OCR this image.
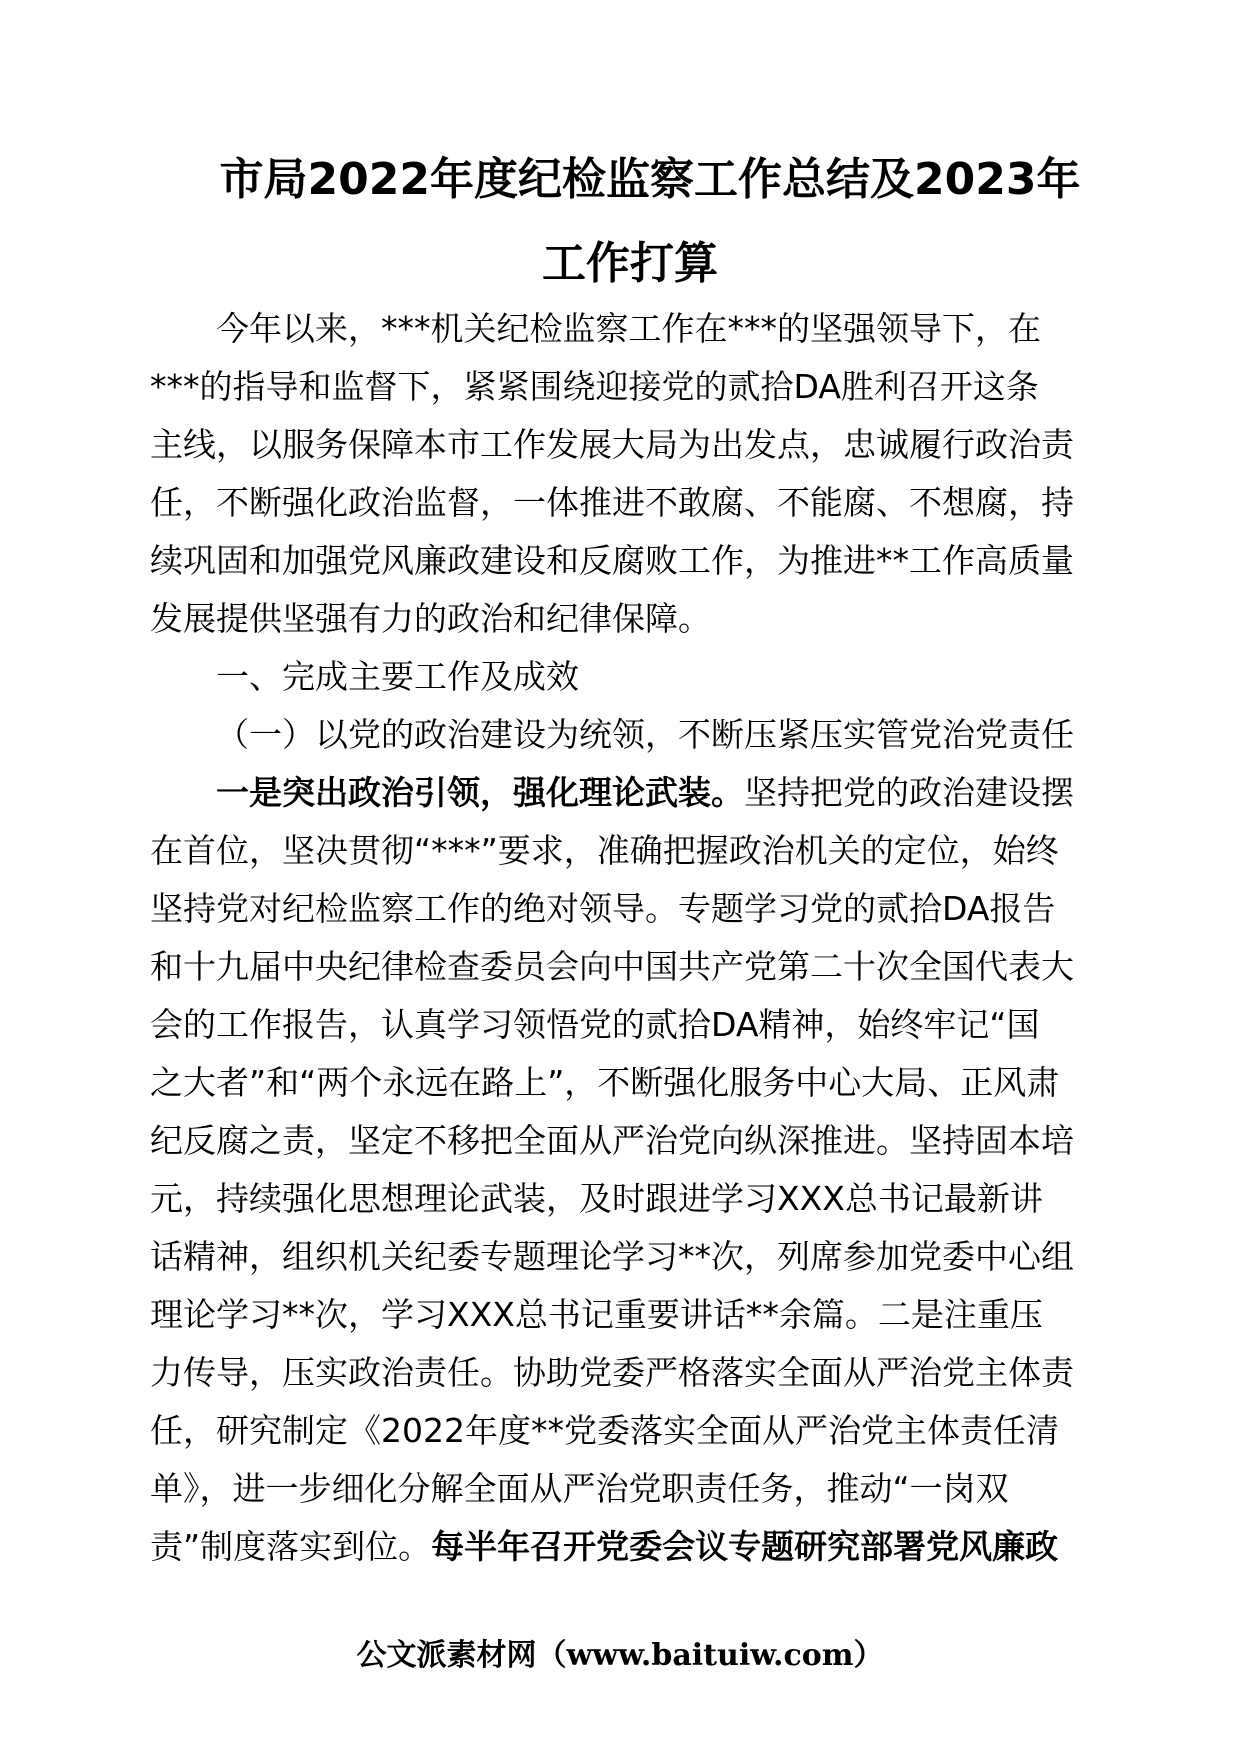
市局2022年度纪检监察工作总结及2023年
工作打算
今年以来，***机关纪检监察工作在***的坚强领导下，在
***的指导和监督下，紧紧围绕迎接党的贰拾DA胜利召开这条
主线，以服务保障本市工作发展大局为出发点，忠诚履行政治责
任，不断强化政治监督，一体推进不敢腐、不能腐、不想腐，持
续巩固和加强党风廉政建设和反腐败工作，为推进**工作高质量
发展提供坚强有力的政治和纪律保障。
一、完成主要工作及成效
（一）以党的政治建设为统领，不断压紧压实管党治党责任
一是突出政治引领，强化理论武装。坚持把党的政治建设摆
在首位，坚决贯彻“***”要求，准确把握政治机关的定位，始终
坚持党对纪检监察工作的绝对领导。专题学习党的贰拾DA报告
和十九届中央纪律检查委员会向中国共产党第二十次全国代表大
会的工作报告，认真学习领悟党的贰拾DA精神，始终牢记“国
之大者”和“两个永远在路上”，不断强化服务中心大局、正风肃
纪反腐之责，坚定不移把全面从严治党向纵深推进。坚持固本培
元，持续强化思想理论武装，及时跟进学习XXX总书记最新讲
话精神，组织机关纪委专题理论学习**次，列席参加党委中心组
理论学习**次，学习XXX总书记重要讲话**余篇。二是注重压
力传导，压实政治责任。协助党委严格落实全面从严治党主体责
任，研究制定《2022年度**党委落实全面从严治党主体责任清
单》，进一步细化分解全面从严治党职责任务，推动“一岗双
责”制度落实到位。每半年召开党委会议专题研究部署党风廉政
公文派素材网（www.baituiw.com）
